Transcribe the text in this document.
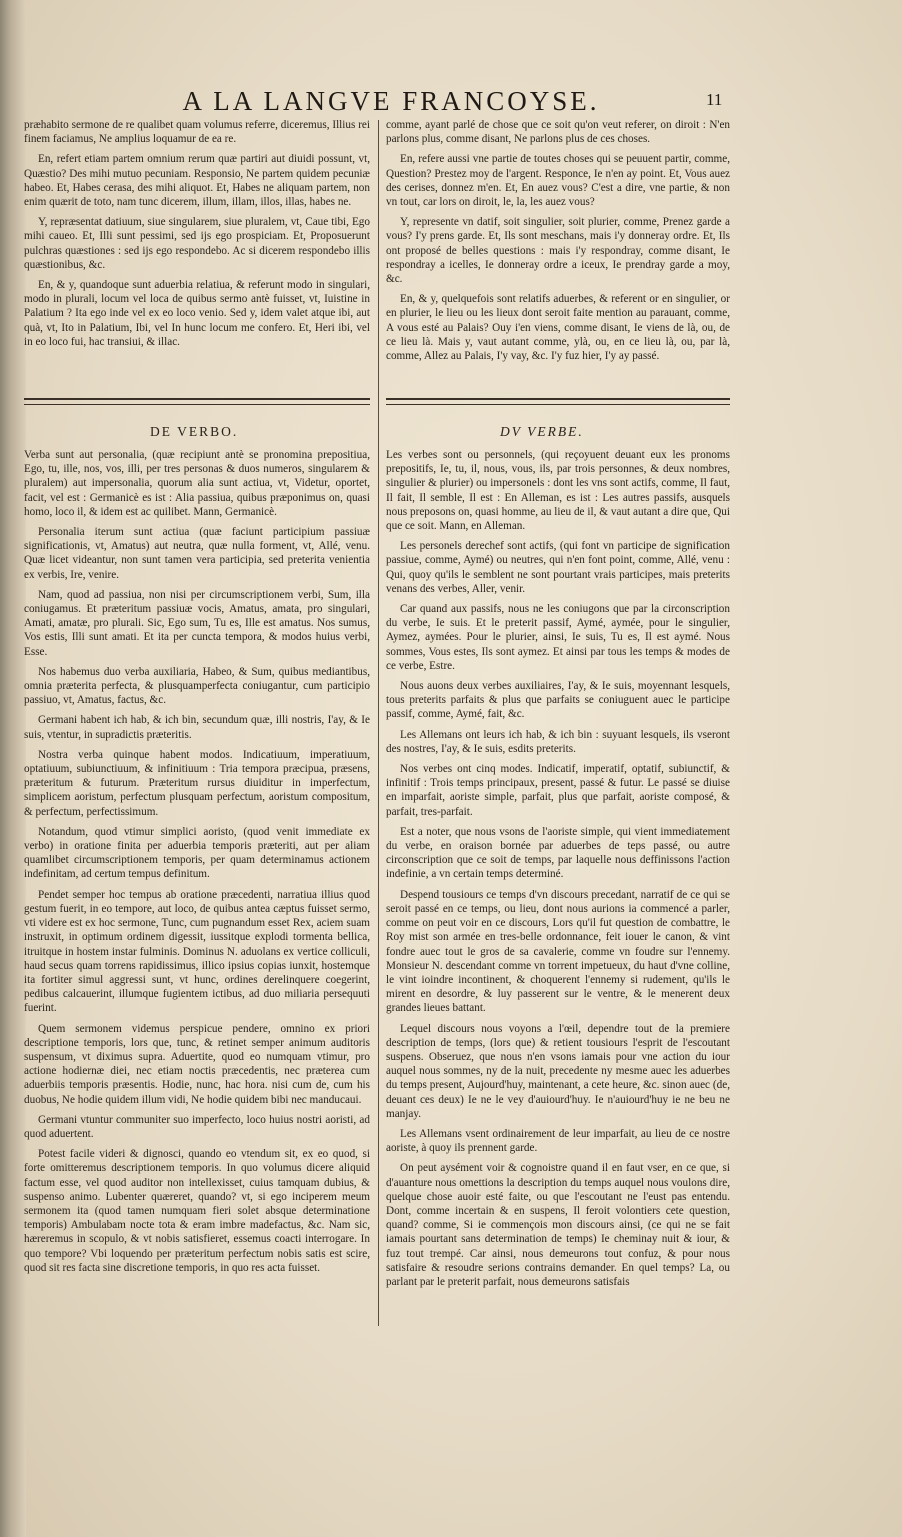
A LA LANGVE FRANCOYSE.	11

præhabito sermone de re qualibet quam volumus referre, diceremus, Illius rei finem faciamus, Ne amplius loquamur de ea re.

En, refert etiam partem omnium rerum quæ partiri aut diuidi possunt, vt, Quæstio? Des mihi mutuo pecuniam. Responsio, Ne partem quidem pecuniæ habeo. Et, Habes cerasa, des mihi aliquot. Et, Habes ne aliquam partem, non enim quærit de toto, nam tunc dicerem, illum, illam, illos, illas, habes ne.

Y, repræsentat datiuum, siue singularem, siue pluralem, vt, Caue tibi, Ego mihi caueo. Et, Illi sunt pessimi, sed ijs ego prospiciam. Et, Proposuerunt pulchras quæstiones : sed ijs ego respondebo. Ac si dicerem respondebo illis quæstionibus, &c.

En, & y, quandoque sunt aduerbia relatiua, & referunt modo in singulari, modo in plurali, locum vel loca de quibus sermo antè fuisset, vt, Iuistine in Palatium ? Ita ego inde vel ex eo loco venio. Sed y, idem valet atque ibi, aut quà, vt, Ito in Palatium, Ibi, vel In hunc locum me confero. Et, Heri ibi, vel in eo loco fui, hac transiui, & illac.

comme, ayant parlé de chose que ce soit qu'on veut referer, on diroit : N'en parlons plus, comme disant, Ne parlons plus de ces choses.

En, refere aussi vne partie de toutes choses qui se peuuent partir, comme, Question? Prestez moy de l'argent. Responce, Ie n'en ay point. Et, Vous auez des cerises, donnez m'en. Et, En auez vous? C'est a dire, vne partie, & non vn tout, car lors on diroit, le, la, les auez vous?

Y, represente vn datif, soit singulier, soit plurier, comme, Prenez garde a vous? I'y prens garde. Et, Ils sont meschans, mais i'y donneray ordre. Et, Ils ont proposé de belles questions : mais i'y respondray, comme disant, Ie respondray a icelles, Ie donneray ordre a iceux, Ie prendray garde a moy, &c.

En, & y, quelquefois sont relatifs aduerbes, & referent or en singulier, or en plurier, le lieu ou les lieux dont seroit faite mention au parauant, comme, A vous esté au Palais? Ouy i'en viens, comme disant, Ie viens de là, ou, de ce lieu là. Mais y, vaut autant comme, ylà, ou, en ce lieu là, ou, par là, comme, Allez au Palais, I'y vay, &c. I'y fuz hier, I'y ay passé.

DE VERBO.	DV VERBE.

Verba sunt aut personalia, (quæ recipiunt antè se pronomina prepositiua, Ego, tu, ille, nos, vos, illi, per tres personas & duos numeros, singularem & pluralem) aut impersonalia, quorum alia sunt actiua, vt, Videtur, oportet, facit, vel est : Germanicè es ist : Alia passiua, quibus præponimus on, quasi homo, loco il, & idem est ac quilibet. Mann, Germanicè.

Personalia iterum sunt actiua (quæ faciunt participium passiuæ significationis, vt, Amatus) aut neutra, quæ nulla forment, vt, Allé, venu. Quæ licet videantur, non sunt tamen vera participia, sed preterita venientia ex verbis, Ire, venire.

Nam, quod ad passiua, non nisi per circumscriptionem verbi, Sum, illa coniugamus. Et præteritum passiuæ vocis, Amatus, amata, pro singulari, Amati, amatæ, pro plurali. Sic, Ego sum, Tu es, Ille est amatus. Nos sumus, Vos estis, Illi sunt amati. Et ita per cuncta tempora, & modos huius verbi, Esse.

Nos habemus duo verba auxiliaria, Habeo, & Sum, quibus mediantibus, omnia præterita perfecta, & plusquamperfecta coniugantur, cum participio passiuo, vt, Amatus, factus, &c.

Germani habent ich hab, & ich bin, secundum quæ, illi nostris, I'ay, & Ie suis, vtentur, in supradictis præteritis.

Nostra verba quinque habent modos. Indicatiuum, imperatiuum, optatiuum, subiunctiuum, & infinitiuum : Tria tempora præcipua, præsens, præteritum & futurum. Præteritum rursus diuiditur in imperfectum, simplicem aoristum, perfectum plusquam perfectum, aoristum compositum, & perfectum, perfectissimum.

Notandum, quod vtimur simplici aoristo, (quod venit immediate ex verbo) in oratione finita per aduerbia temporis præteriti, aut per aliam quamlibet circumscriptionem temporis, per quam determinamus actionem indefinitam, ad certum tempus definitum.

Pendet semper hoc tempus ab oratione præcedenti, narratiua illius quod gestum fuerit, in eo tempore, aut loco, de quibus antea cæptus fuisset sermo, vti videre est ex hoc sermone, Tunc, cum pugnandum esset Rex, aciem suam instruxit, in optimum ordinem digessit, iussitque explodi tormenta bellica, itruitque in hostem instar fulminis. Dominus N. aduolans ex vertice colliculi, haud secus quam torrens rapidissimus, illico ipsius copias iunxit, hostemque ita fortiter simul aggressi sunt, vt hunc, ordines derelinquere coegerint, pedibus calcauerint, illumque fugientem ictibus, ad duo miliaria persequuti fuerint.

Quem sermonem videmus perspicue pendere, omnino ex priori descriptione temporis, lors que, tunc, & retinet semper animum auditoris suspensum, vt diximus supra. Aduertite, quod eo numquam vtimur, pro actione hodiernæ diei, nec etiam noctis præcedentis, nec præterea cum aduerbiis temporis præsentis. Hodie, nunc, hac hora. nisi cum de, cum his duobus, Ne hodie quidem illum vidi, Ne hodie quidem bibi nec manducaui.

Germani vtuntur communiter suo imperfecto, loco huius nostri aoristi, ad quod aduertent.

Potest facile videri & dignosci, quando eo vtendum sit, ex eo quod, si forte omitteremus descriptionem temporis. In quo volumus dicere aliquid factum esse, vel quod auditor non intellexisset, cuius tamquam dubius, & suspenso animo. Lubenter quæreret, quando? vt, si ego inciperem meum sermonem ita (quod tamen numquam fieri solet absque determinatione temporis) Ambulabam nocte tota & eram imbre madefactus, &c. Nam sic, hæreremus in scopulo, & vt nobis satisfieret, essemus coacti interrogare. In quo tempore? Vbi loquendo per præteritum perfectum nobis satis est scire, quod sit res facta sine discretione temporis, in quo res acta fuisset.

Les verbes sont ou personnels, (qui reçoyuent deuant eux les pronoms prepositifs, Ie, tu, il, nous, vous, ils, par trois personnes, & deux nombres, singulier & plurier) ou impersonels : dont les vns sont actifs, comme, Il faut, Il fait, Il semble, Il est : En Alleman, es ist : Les autres passifs, ausquels nous preposons on, quasi homme, au lieu de il, & vaut autant a dire que, Qui que ce soit. Mann, en Alleman.

Les personels derechef sont actifs, (qui font vn participe de signification passiue, comme, Aymé) ou neutres, qui n'en font point, comme, Allé, venu : Qui, quoy qu'ils le semblent ne sont pourtant vrais participes, mais preterits venans des verbes, Aller, venir.

Car quand aux passifs, nous ne les coniugons que par la circonscription du verbe, Ie suis. Et le preterit passif, Aymé, aymée, pour le singulier, Aymez, aymées. Pour le plurier, ainsi, Ie suis, Tu es, Il est aymé. Nous sommes, Vous estes, Ils sont aymez. Et ainsi par tous les temps & modes de ce verbe, Estre.

Nous auons deux verbes auxiliaires, I'ay, & Ie suis, moyennant lesquels, tous preterits parfaits & plus que parfaits se coniuguent auec le participe passif, comme, Aymé, fait, &c.

Les Allemans ont leurs ich hab, & ich bin : suyuant lesquels, ils vseront des nostres, I'ay, & Ie suis, esdits preterits.

Nos verbes ont cinq modes. Indicatif, imperatif, optatif, subiunctif, & infinitif : Trois temps principaux, present, passé & futur. Le passé se diuise en imparfait, aoriste simple, parfait, plus que parfait, aoriste composé, & parfait, tres-parfait.

Est a noter, que nous vsons de l'aoriste simple, qui vient immediatement du verbe, en oraison bornée par aduerbes de teps passé, ou autre circonscription que ce soit de temps, par laquelle nous deffinissons l'action indefinie, a vn certain temps determiné.

Despend tousiours ce temps d'vn discours precedant, narratif de ce qui se seroit passé en ce temps, ou lieu, dont nous aurions ia commencé a parler, comme on peut voir en ce discours, Lors qu'il fut question de combattre, le Roy mist son armée en tres-belle ordonnance, feit iouer le canon, & vint fondre auec tout le gros de sa cavalerie, comme vn foudre sur l'ennemy. Monsieur N. descendant comme vn torrent impetueux, du haut d'vne colline, le vint ioindre incontinent, & choquerent l'ennemy si rudement, qu'ils le mirent en desordre, & luy passerent sur le ventre, & le menerent deux grandes lieues battant.

Lequel discours nous voyons a l'œil, dependre tout de la premiere description de temps, (lors que) & retient tousiours l'esprit de l'escoutant suspens. Obseruez, que nous n'en vsons iamais pour vne action du iour auquel nous sommes, ny de la nuit, precedente ny mesme auec les aduerbes du temps present, Aujourd'huy, maintenant, a cete heure, &c. sinon auec (de, deuant ces deux) Ie ne le vey d'auiourd'huy. Ie n'auiourd'huy ie ne beu ne manjay.

Les Allemans vsent ordinairement de leur imparfait, au lieu de ce nostre aoriste, à quoy ils prennent garde.

On peut aysément voir & cognoistre quand il en faut vser, en ce que, si d'auanture nous omettions la description du temps auquel nous voulons dire, quelque chose auoir esté faite, ou que l'escoutant ne l'eust pas entendu. Dont, comme incertain & en suspens, Il feroit volontiers cete question, quand? comme, Si ie commençois mon discours ainsi, (ce qui ne se fait iamais pourtant sans determination de temps) Ie cheminay nuit & iour, & fuz tout trempé. Car ainsi, nous demeurons tout confuz, & pour nous satisfaire & resoudre serions contrains demander. En quel temps? La, ou parlant par le preterit parfait, nous demeurons satisfais
